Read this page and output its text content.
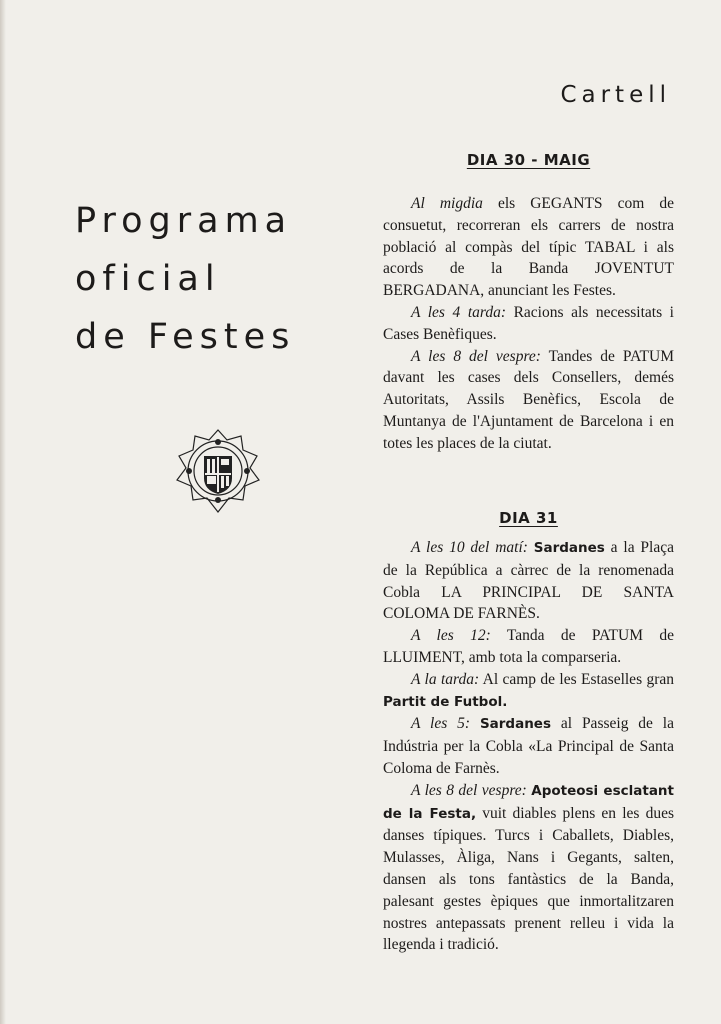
Cartell
Programa
oficial
de Festes
DIA 30 - MAIG

Al migdia els GEGANTS com de consuetut, recorreran els carrers de nostra població al compàs del típic TABAL i als acords de la Banda JOVENTUT BERGADANA, anunciant les Festes.

A les 4 tarda: Racions als necessitats i Cases Benèfiques.

A les 8 del vespre: Tandes de PATUM davant les cases dels Consellers, demés Autoritats, Assils Benèfics, Escola de Muntanya de l'Ajuntament de Barcelona i en totes les places de la ciutat.

DIA 31

A les 10 del matí: Sardanes a la Plaça de la República a càrrec de la renomenada Cobla LA PRINCIPAL DE SANTA COLOMA DE FARNÈS.

A les 12: Tanda de PATUM de LLUIMENT, amb tota la comparseria.

A la tarda: Al camp de les Estaselles gran Partit de Futbol.

A les 5: Sardanes al Passeig de la Indústria per la Cobla «La Principal de Santa Coloma de Farnès.

A les 8 del vespre: Apoteosi esclatant de la Festa, vuit diables plens en les dues danses típiques. Turcs i Caballets, Diables, Mulasses, Àliga, Nans i Gegants, salten, dansen als tons fantàstics de la Banda, palesant gestes èpiques que inmortalitzaren nostres antepassats prenent relleu i vida la llegenda i tradició.
